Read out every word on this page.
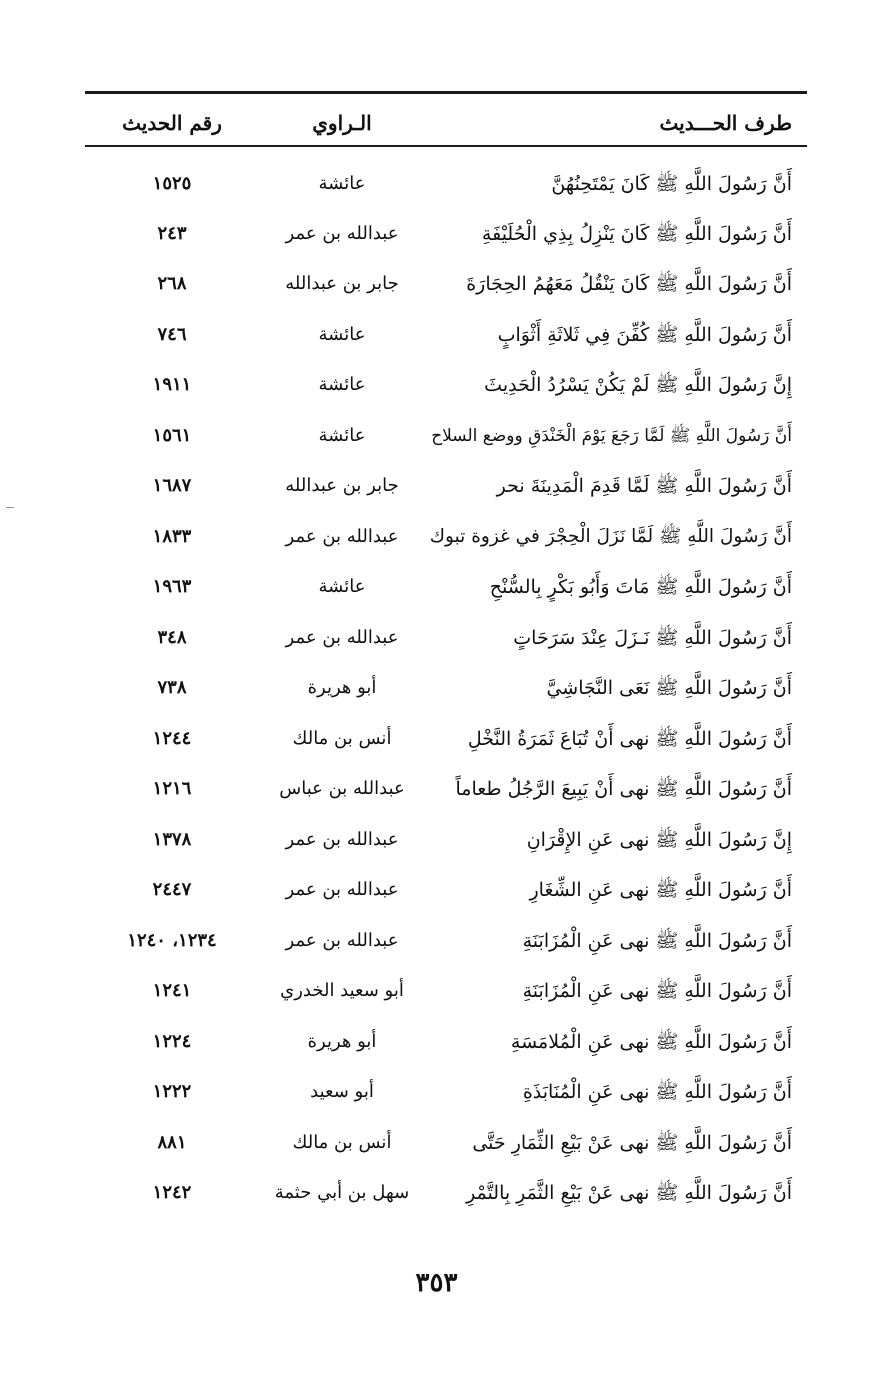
طرف الحـــديث
الـراوي
رقم الحديث
أَنَّ رَسُولَ اللَّهِ ﷺ كَانَ يَمْتَحِنُهُنَّ
عائشة
١٥٢٥
أَنَّ رَسُولَ اللَّهِ ﷺ كَانَ يَنْزِلُ بِذِي الْحُلَيْفَةِ
عبدالله بن عمر
٢٤٣
أَنَّ رَسُولَ اللَّهِ ﷺ كَانَ يَنْقُلُ مَعَهُمُ الحِجَارَةَ
جابر بن عبدالله
٢٦٨
أَنَّ رَسُولَ اللَّهِ ﷺ كُفِّنَ فِي ثَلاثَةِ أَثْوَابٍ
عائشة
٧٤٦
إِنَّ رَسُولَ اللَّهِ ﷺ لَمْ يَكُنْ يَسْرُدُ الْحَدِيثَ
عائشة
١٩١١
أَنَّ رَسُولَ اللَّهِ ﷺ لَمَّا رَجَعَ يَوْمَ الْخَنْدَقِ ووضع السلاح
عائشة
١٥٦١
أَنَّ رَسُولَ اللَّهِ ﷺ لَمَّا قَدِمَ الْمَدِينَةَ نحر
جابر بن عبدالله
١٦٨٧
أَنَّ رَسُولَ اللَّهِ ﷺ لَمَّا نَزَلَ الْحِجْرَ في غزوة تبوك
عبدالله بن عمر
١٨٣٣
أَنَّ رَسُولَ اللَّهِ ﷺ مَاتَ وَأَبُو بَكْرٍ بِالسُّنْحِ
عائشة
١٩٦٣
أَنَّ رَسُولَ اللَّهِ ﷺ نَـزَلَ عِنْدَ سَرَحَاتٍ
عبدالله بن عمر
٣٤٨
أَنَّ رَسُولَ اللَّهِ ﷺ نَعَى النَّجَاشِيَّ
أبو هريرة
٧٣٨
أَنَّ رَسُولَ اللَّهِ ﷺ نهى أَنْ تُبَاعَ ثَمَرَةُ النَّخْلِ
أنس بن مالك
١٢٤٤
أَنَّ رَسُولَ اللَّهِ ﷺ نهى أَنْ يَبِيعَ الرَّجُلُ طعاماً
عبدالله بن عباس
١٢١٦
إِنَّ رَسُولَ اللَّهِ ﷺ نهى عَنِ الإِقْرَانِ
عبدالله بن عمر
١٣٧٨
أَنَّ رَسُولَ اللَّهِ ﷺ نهى عَنِ الشِّغَارِ
عبدالله بن عمر
٢٤٤٧
أَنَّ رَسُولَ اللَّهِ ﷺ نهى عَنِ الْمُزَابَنَةِ
عبدالله بن عمر
١٢٣٤، ١٢٤٠
أَنَّ رَسُولَ اللَّهِ ﷺ نهى عَنِ الْمُزَابَنَةِ
أبو سعيد الخدري
١٢٤١
أَنَّ رَسُولَ اللَّهِ ﷺ نهى عَنِ الْمُلامَسَةِ
أبو هريرة
١٢٢٤
أَنَّ رَسُولَ اللَّهِ ﷺ نهى عَنِ الْمُنَابَذَةِ
أبو سعيد
١٢٢٢
أَنَّ رَسُولَ اللَّهِ ﷺ نهى عَنْ بَيْعِ الثِّمَارِ حَتَّى
أنس بن مالك
٨٨١
أَنَّ رَسُولَ اللَّهِ ﷺ نهى عَنْ بَيْعِ الثَّمَرِ بِالتَّمْرِ
سهل بن أبي حثمة
١٢٤٢
٣٥٣
